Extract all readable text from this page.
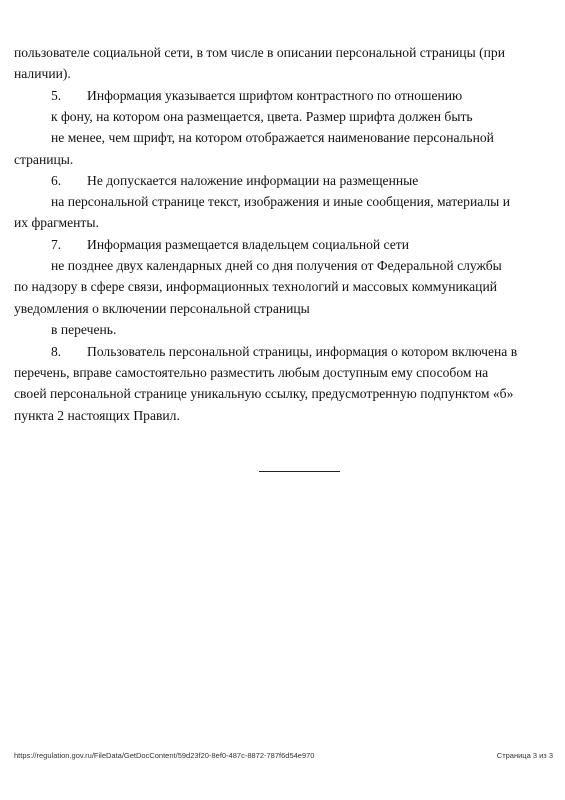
пользователе социальной сети, в том числе в описании персональной страницы (при
наличии).
5. Информация указывается шрифтом контрастного по отношению
к фону, на котором она размещается, цвета. Размер шрифта должен быть
не менее, чем шрифт, на котором отображается наименование персональной
страницы.
6. Не допускается наложение информации на размещенные
на персональной странице текст, изображения и иные сообщения, материалы и
их фрагменты.
7. Информация размещается владельцем социальной сети
не позднее двух календарных дней со дня получения от Федеральной службы
по надзору в сфере связи, информационных технологий и массовых коммуникаций
уведомления о включении персональной страницы
в перечень.
8. Пользователь персональной страницы, информация о котором включена в
перечень, вправе самостоятельно разместить любым доступным ему способом на
своей персональной странице уникальную ссылку, предусмотренную подпунктом «б»
пункта 2 настоящих Правил.
https://regulation.gov.ru/FileData/GetDocContent/59d23f20-8ef0-487c-8872-787f6d54e970	Страница 3 из 3
